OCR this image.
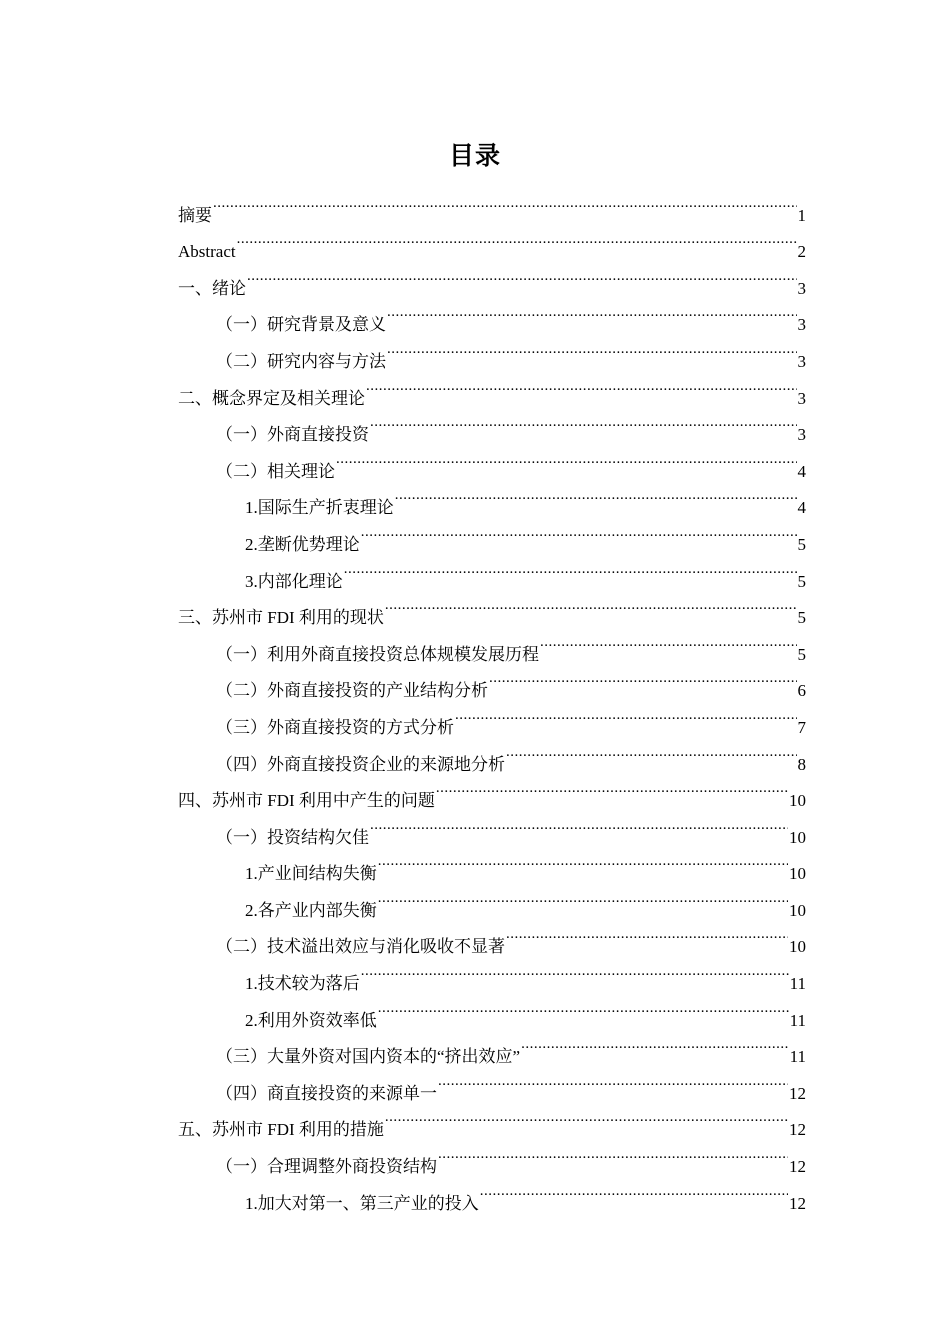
目录
摘要 .....	1
Abstract .....	2
一、绪论 .....	3
（一）研究背景及意义 .....	3
（二）研究内容与方法 .....	3
二、概念界定及相关理论 .....	3
（一）外商直接投资 .....	3
（二）相关理论 .....	4
1.国际生产折衷理论 .....	4
2.垄断优势理论 .....	5
3.内部化理论 .....	5
三、苏州市 FDI 利用的现状 .....	5
（一）利用外商直接投资总体规模发展历程 .....	5
（二）外商直接投资的产业结构分析 .....	6
（三）外商直接投资的方式分析 .....	7
（四）外商直接投资企业的来源地分析 .....	8
四、苏州市 FDI 利用中产生的问题 .....	10
（一）投资结构欠佳 .....	10
1.产业间结构失衡 .....	10
2.各产业内部失衡 .....	10
（二）技术溢出效应与消化吸收不显著 .....	10
1.技术较为落后 .....	11
2.利用外资效率低 .....	11
（三）大量外资对国内资本的“挤出效应” .....	11
（四）商直接投资的来源单一 .....	12
五、苏州市 FDI 利用的措施 .....	12
（一）合理调整外商投资结构 .....	12
1.加大对第一、第三产业的投入 .....	12
